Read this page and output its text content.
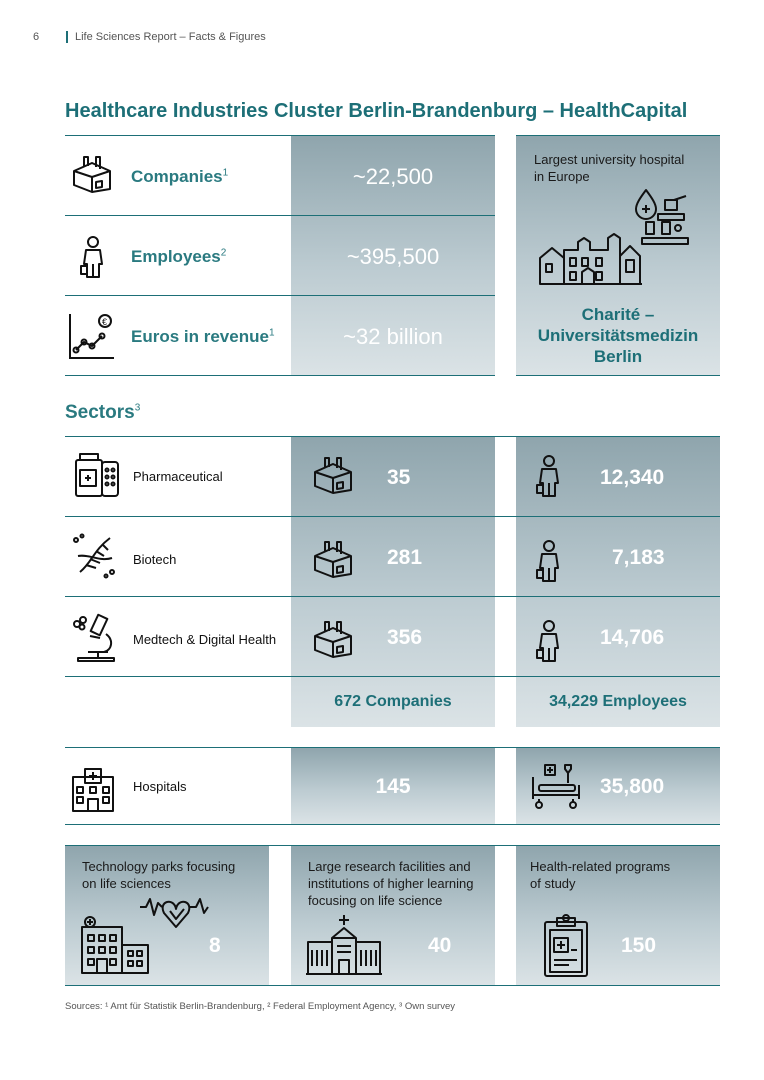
6	Life Sciences Report – Facts & Figures
Healthcare Industries Cluster Berlin-Brandenburg – HealthCapital
Companies$^1$	~22,500
Employees$^2$	~395,500
€
Euros in revenue$^1$	~32 billion
Largest university hospital
in Europe
Charité –
Universitätsmedizin
Berlin
Sectors$^3$
Pharmaceutical	35	12,340
Biotech	281	7,183
Medtech & Digital Health	356	14,706
672 Companies	34,229 Employees
Hospitals	145	35,800
Technology parks focusing
on life sciences
8
Large research facilities and
institutions of higher learning
focusing on life science
40
Health-related programs
of study
150
Sources: ¹ Amt für Statistik Berlin-Brandenburg, ² Federal Employment Agency, ³ Own survey
